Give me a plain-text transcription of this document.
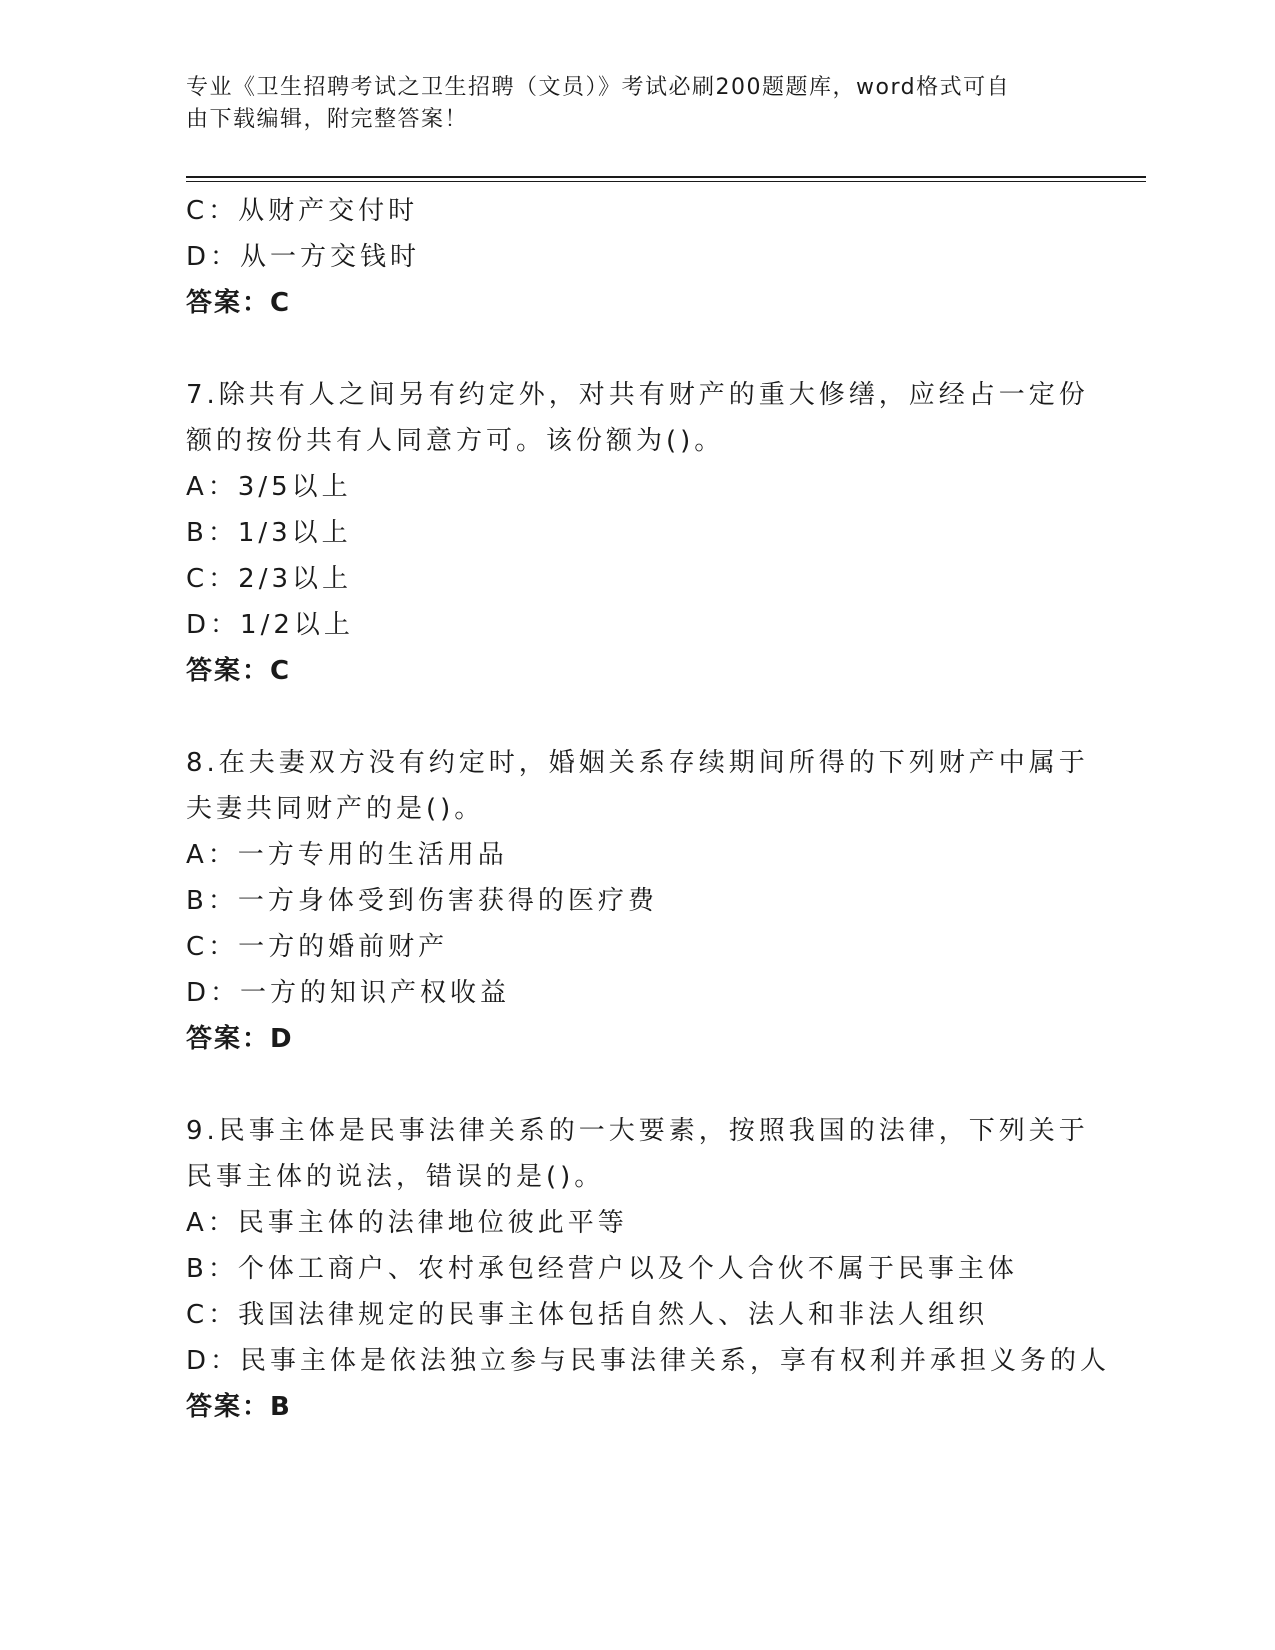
专业《卫生招聘考试之卫生招聘（文员）》考试必刷200题题库，word格式可自
由下载编辑，附完整答案！
C：从财产交付时
D：从一方交钱时
答案：C
7.除共有人之间另有约定外，对共有财产的重大修缮，应经占一定份
额的按份共有人同意方可。该份额为()。
A：3/5以上
B：1/3以上
C：2/3以上
D：1/2以上
答案：C
8.在夫妻双方没有约定时，婚姻关系存续期间所得的下列财产中属于
夫妻共同财产的是()。
A：一方专用的生活用品
B：一方身体受到伤害获得的医疗费
C：一方的婚前财产
D：一方的知识产权收益
答案：D
9.民事主体是民事法律关系的一大要素，按照我国的法律，下列关于
民事主体的说法，错误的是()。
A：民事主体的法律地位彼此平等
B：个体工商户、农村承包经营户以及个人合伙不属于民事主体
C：我国法律规定的民事主体包括自然人、法人和非法人组织
D：民事主体是依法独立参与民事法律关系，享有权利并承担义务的人
答案：B
